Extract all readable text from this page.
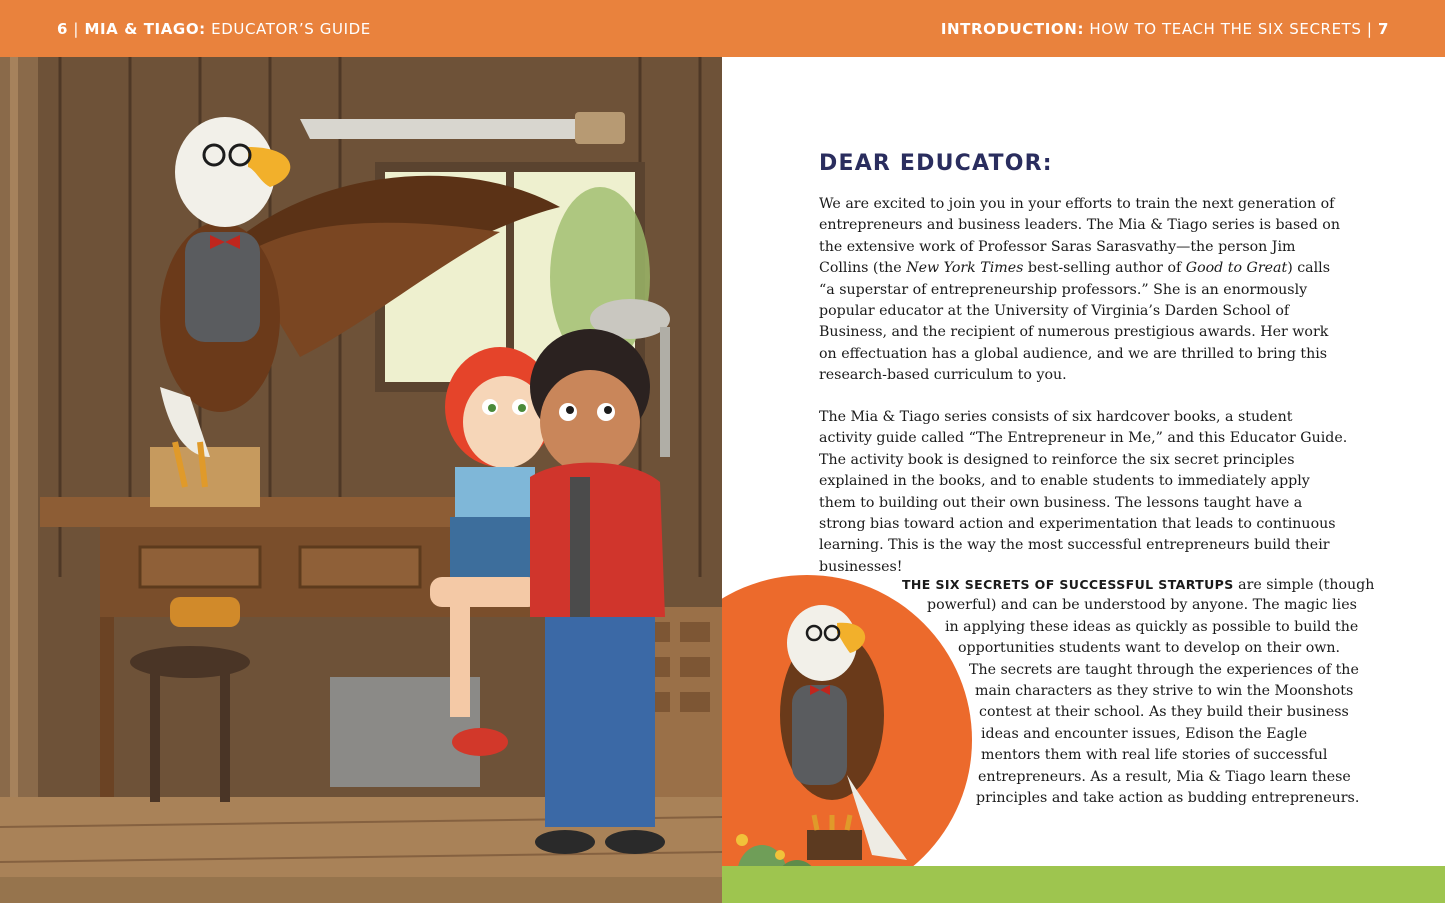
6 | MIA & TIAGO: EDUCATOR’S GUIDE	INTRODUCTION: HOW TO TEACH THE SIX SECRETS | 7
DEAR EDUCATOR:

We are excited to join you in your efforts to train the next generation of entrepreneurs and business leaders. The Mia & Tiago series is based on the extensive work of Professor Saras Sarasvathy—the person Jim Collins (the New York Times best-selling author of Good to Great) calls “a superstar of entrepreneurship professors.” She is an enormously popular educator at the University of Virginia’s Darden School of Business, and the recipient of numerous prestigious awards. Her work on effectuation has a global audience, and we are thrilled to bring this research-based curriculum to you.

The Mia & Tiago series consists of six hardcover books, a student activity guide called “The Entrepreneur in Me,” and this Educator Guide. The activity book is designed to reinforce the six secret principles explained in the books, and to enable students to immediately apply them to building out their own business. The lessons taught have a strong bias toward action and experimentation that leads to continuous learning. This is the way the most successful entrepreneurs build their businesses!

THE SIX SECRETS OF SUCCESSFUL STARTUPS are simple (though
powerful) and can be understood by anyone. The magic lies
in applying these ideas as quickly as possible to build the
opportunities students want to develop on their own.
The secrets are taught through the experiences of the
main characters as they strive to win the Moonshots
contest at their school. As they build their business
ideas and encounter issues, Edison the Eagle
mentors them with real life stories of successful
entrepreneurs. As a result, Mia & Tiago learn these
principles and take action as budding entrepreneurs.
